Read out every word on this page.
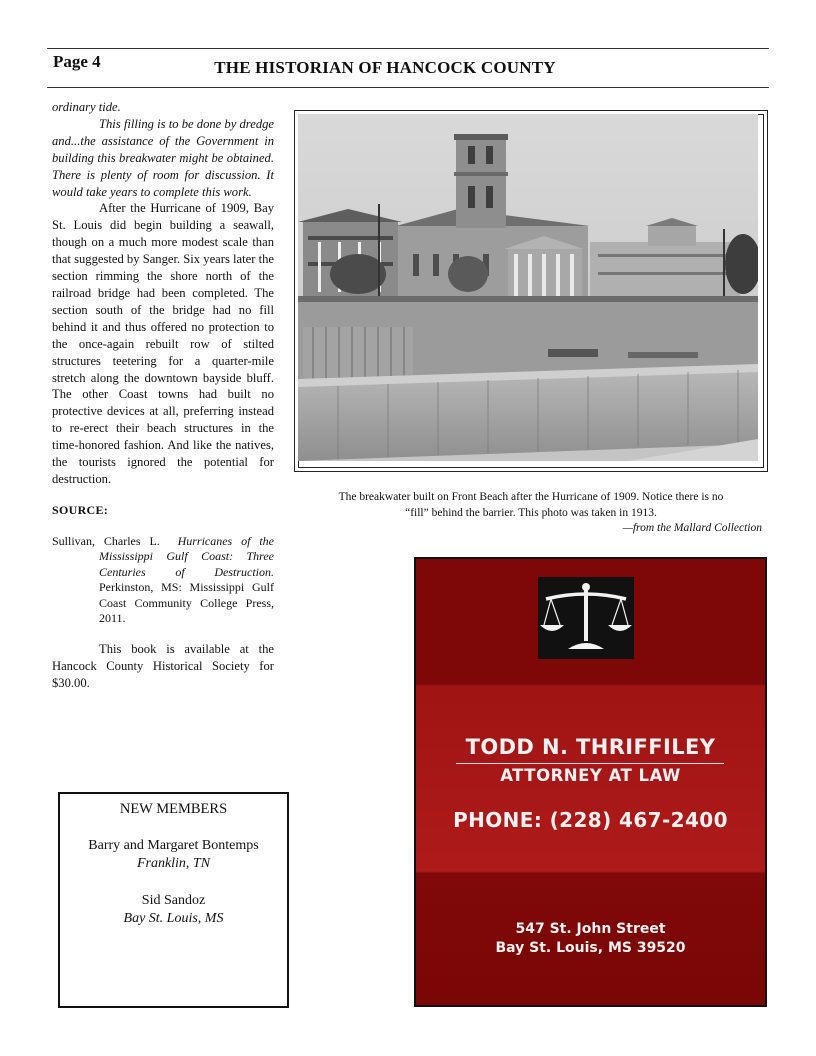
Page 4	THE HISTORIAN OF HANCOCK COUNTY

ordinary tide.

This filling is to be done by dredge and...the assistance of the Government in building this breakwater might be obtained. There is plenty of room for discussion. It would take years to complete this work.

After the Hurricane of 1909, Bay St. Louis did begin building a seawall, though on a much more modest scale than that suggested by Sanger. Six years later the section rimming the shore north of the railroad bridge had been completed. The section south of the bridge had no fill behind it and thus offered no protection to the once-again rebuilt row of stilted structures teetering for a quarter-mile stretch along the downtown bayside bluff. The other Coast towns had built no protective devices at all, preferring instead to re-erect their beach structures in the time-honored fashion. And like the natives, the tourists ignored the potential for destruction.

SOURCE:
Sullivan, Charles L. Hurricanes of the Mississippi Gulf Coast: Three Centuries of Destruction. Perkinston, MS: Mississippi Gulf Coast Community College Press, 2011.

This book is available at the Hancock County Historical Society for $30.00.

NEW MEMBERS
Barry and Margaret Bontemps
Franklin, TN
Sid Sandoz
Bay St. Louis, MS
The breakwater built on Front Beach after the Hurricane of 1909. Notice there is no
“fill” behind the barrier. This photo was taken in 1913.
—from the Mallard Collection
TODD N. THRIFFILEY
ATTORNEY AT LAW
PHONE: (228) 467-2400
547 St. John Street
Bay St. Louis, MS 39520
